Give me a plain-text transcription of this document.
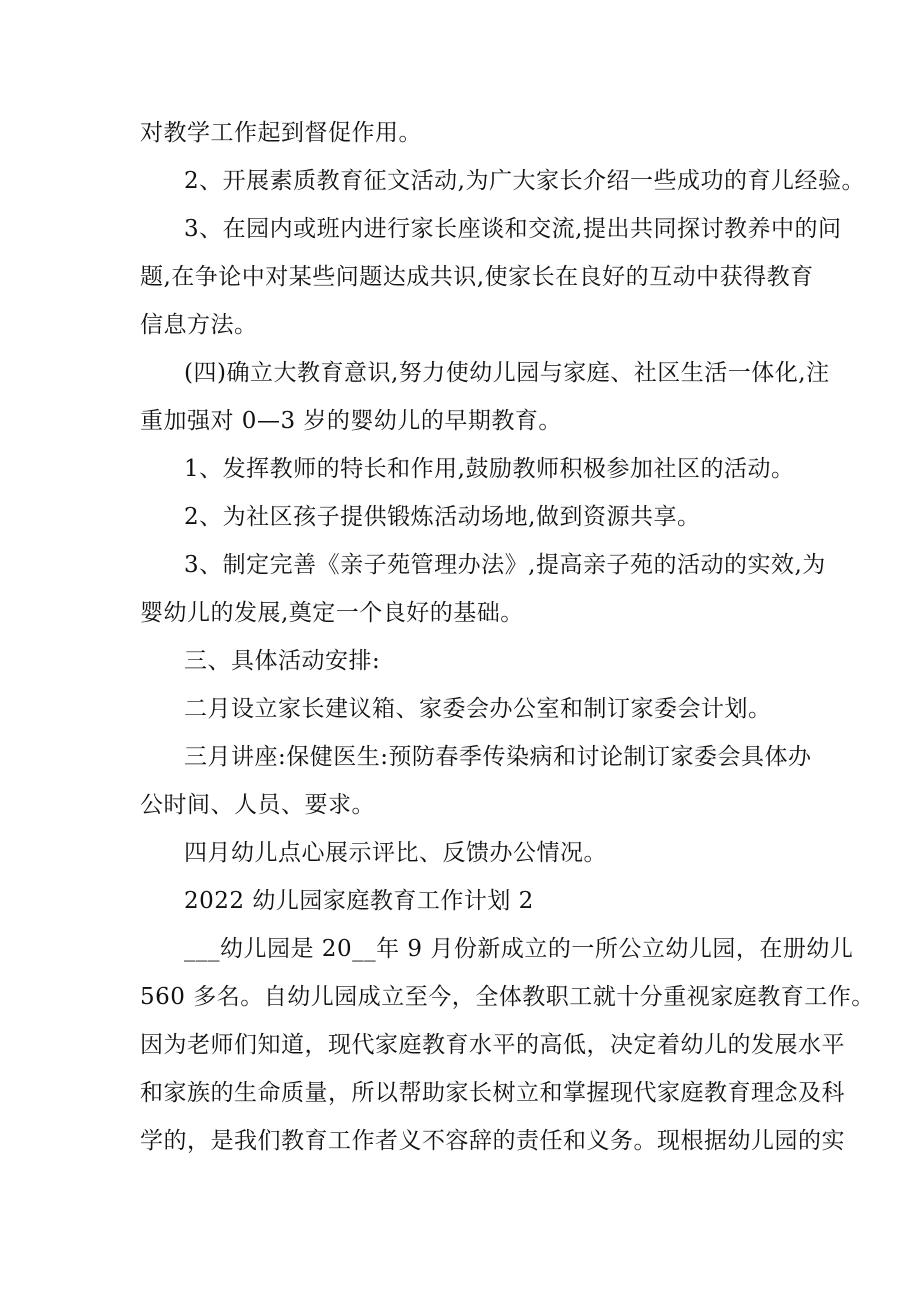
对教学工作起到督促作用。
2、开展素质教育征文活动,为广大家长介绍一些成功的育儿经验。
3、在园内或班内进行家长座谈和交流,提出共同探讨教养中的问
题,在争论中对某些问题达成共识,使家长在良好的互动中获得教育
信息方法。
(四)确立大教育意识,努力使幼儿园与家庭、社区生活一体化,注
重加强对 0—3 岁的婴幼儿的早期教育。
1、发挥教师的特长和作用,鼓励教师积极参加社区的活动。
2、为社区孩子提供锻炼活动场地,做到资源共享。
3、制定完善《亲子苑管理办法》,提高亲子苑的活动的实效,为
婴幼儿的发展,奠定一个良好的基础。
三、具体活动安排:
二月设立家长建议箱、家委会办公室和制订家委会计划。
三月讲座:保健医生:预防春季传染病和讨论制订家委会具体办
公时间、人员、要求。
四月幼儿点心展示评比、反馈办公情况。
2022 幼儿园家庭教育工作计划 2
___幼儿园是 20__年 9 月份新成立的一所公立幼儿园，在册幼儿
560 多名。自幼儿园成立至今，全体教职工就十分重视家庭教育工作。
因为老师们知道，现代家庭教育水平的高低，决定着幼儿的发展水平
和家族的生命质量，所以帮助家长树立和掌握现代家庭教育理念及科
学的，是我们教育工作者义不容辞的责任和义务。现根据幼儿园的实
